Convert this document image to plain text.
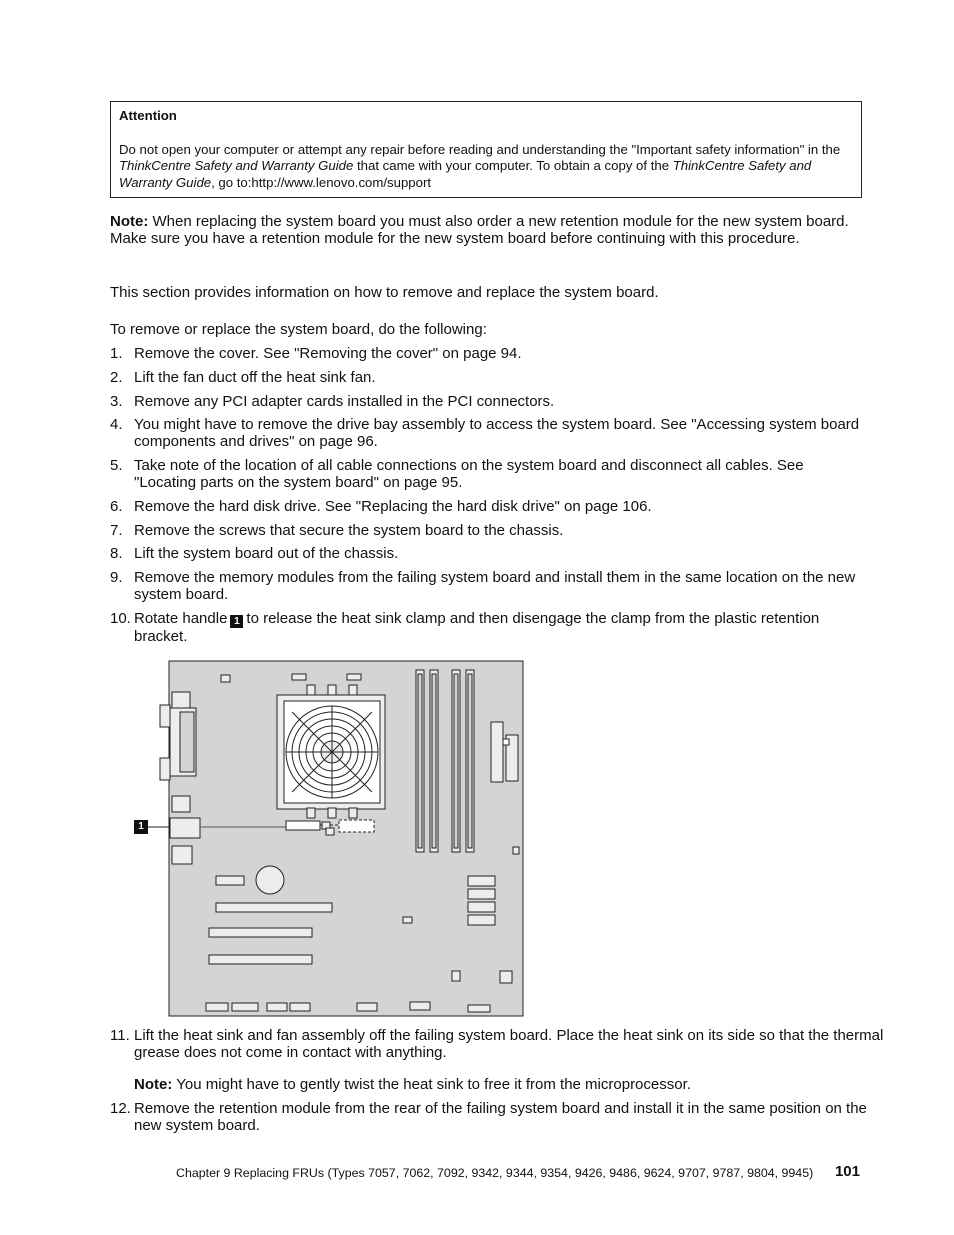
Attention
Do not open your computer or attempt any repair before reading and understanding the "Important safety information" in the ThinkCentre Safety and Warranty Guide that came with your computer. To obtain a copy of the ThinkCentre Safety and Warranty Guide, go to:http://www.lenovo.com/support
Note: When replacing the system board you must also order a new retention module for the new system board. Make sure you have a retention module for the new system board before continuing with this procedure.
This section provides information on how to remove and replace the system board.
To remove or replace the system board, do the following:
1. Remove the cover. See "Removing the cover" on page 94.
2. Lift the fan duct off the heat sink fan.
3. Remove any PCI adapter cards installed in the PCI connectors.
4. You might have to remove the drive bay assembly to access the system board. See "Accessing system board components and drives" on page 96.
5. Take note of the location of all cable connections on the system board and disconnect all cables. See "Locating parts on the system board" on page 95.
6. Remove the hard disk drive. See "Replacing the hard disk drive" on page 106.
7. Remove the screws that secure the system board to the chassis.
8. Lift the system board out of the chassis.
9. Remove the memory modules from the failing system board and install them in the same location on the new system board.
10. Rotate handle 1 to release the heat sink clamp and then disengage the clamp from the plastic retention bracket.
1
11. Lift the heat sink and fan assembly off the failing system board. Place the heat sink on its side so that the thermal grease does not come in contact with anything.
Note: You might have to gently twist the heat sink to free it from the microprocessor.
12. Remove the retention module from the rear of the failing system board and install it in the same position on the new system board.
Chapter 9 Replacing FRUs (Types 7057, 7062, 7092, 9342, 9344, 9354, 9426, 9486, 9624, 9707, 9787, 9804, 9945) 101
